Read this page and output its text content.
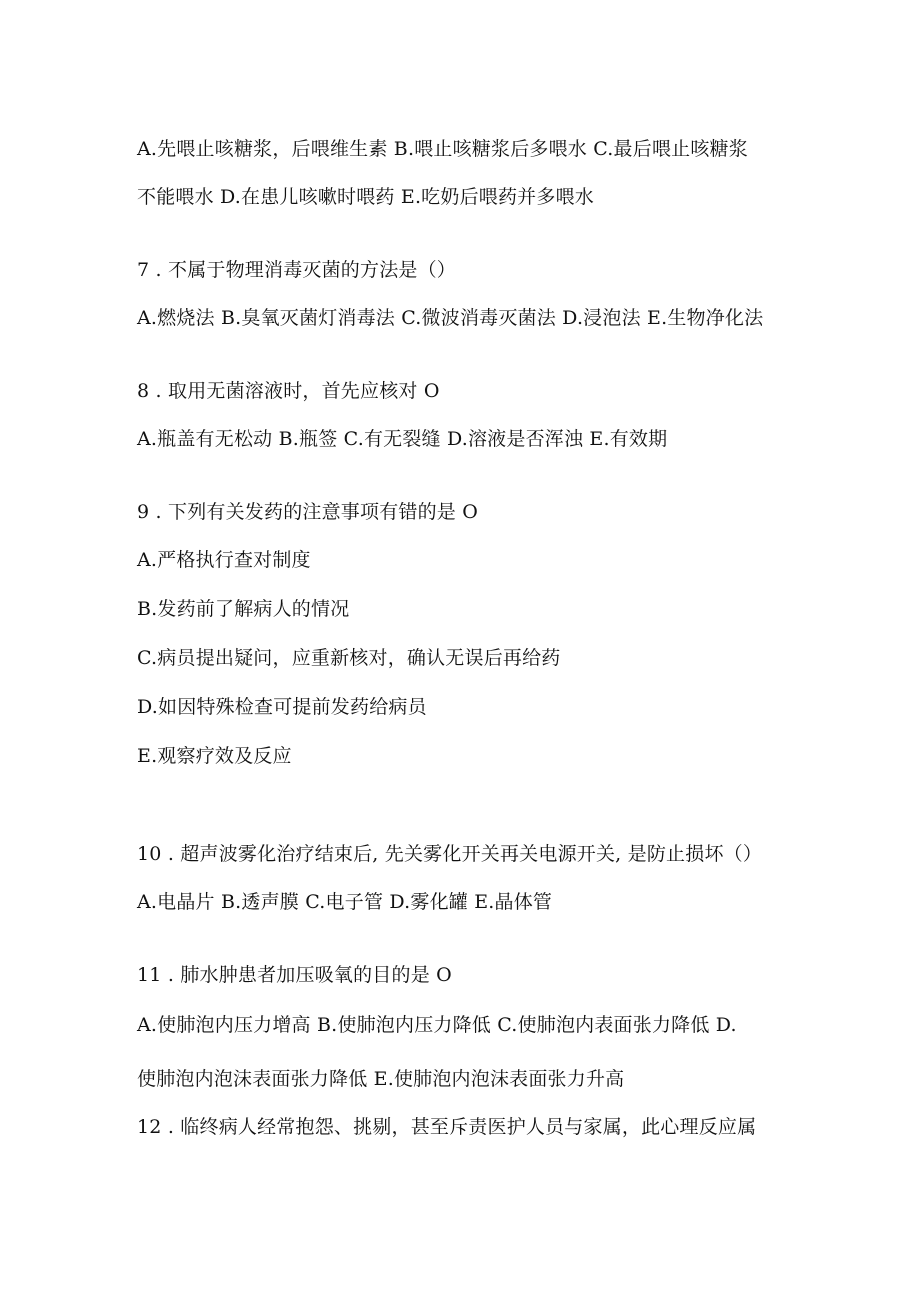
A.先喂止咳糖浆，后喂维生素 B.喂止咳糖浆后多喂水 C.最后喂止咳糖浆
不能喂水 D.在患儿咳嗽时喂药 E.吃奶后喂药并多喂水
7 . 不属于物理消毒灭菌的方法是（）
A.燃烧法 B.臭氧灭菌灯消毒法 C.微波消毒灭菌法 D.浸泡法 E.生物净化法
8 . 取用无菌溶液时，首先应核对 O
A.瓶盖有无松动 B.瓶签 C.有无裂缝 D.溶液是否浑浊 E.有效期
9 . 下列有关发药的注意事项有错的是 O
A.严格执行查对制度
B.发药前了解病人的情况
C.病员提出疑问，应重新核对，确认无误后再给药
D.如因特殊检查可提前发药给病员
E.观察疗效及反应
10 . 超声波雾化治疗结束后, 先关雾化开关再关电源开关, 是防止损坏（）
A.电晶片 B.透声膜 C.电子管 D.雾化罐 E.晶体管
11 . 肺水肿患者加压吸氧的目的是 O
A.使肺泡内压力增高 B.使肺泡内压力降低 C.使肺泡内表面张力降低 D.
使肺泡内泡沫表面张力降低 E.使肺泡内泡沫表面张力升高
12 . 临终病人经常抱怨、挑剔，甚至斥责医护人员与家属，此心理反应属
